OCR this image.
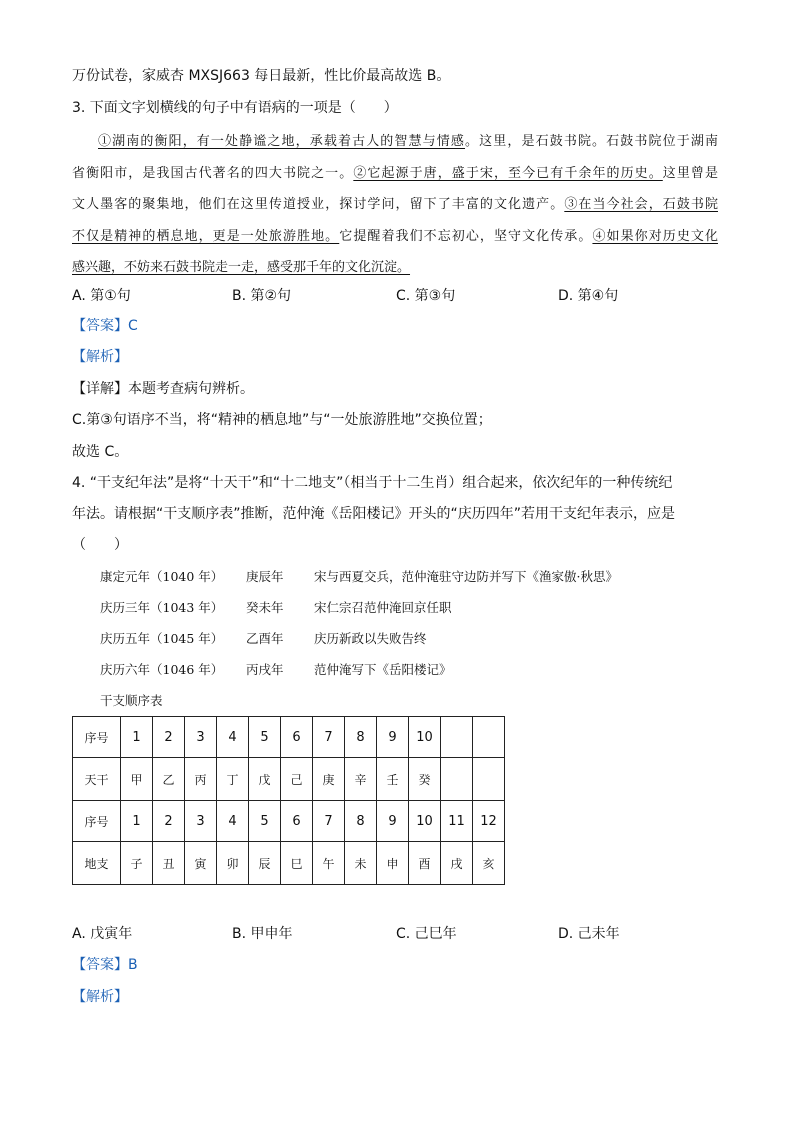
万份试卷，家威杏 MXSJ663 每日最新，性比价最高故选 B。
3. 下面文字划横线的句子中有语病的一项是（　　）
①湖南的衡阳，有一处静谧之地，承载着古人的智慧与情感。这里，是石鼓书院。石鼓书院位于湖南
省衡阳市，是我国古代著名的四大书院之一。②它起源于唐，盛于宋，至今已有千余年的历史。这里曾是
文人墨客的聚集地，他们在这里传道授业，探讨学问，留下了丰富的文化遗产。③在当今社会，石鼓书院
不仅是精神的栖息地，更是一处旅游胜地。它提醒着我们不忘初心，坚守文化传承。④如果你对历史文化
感兴趣，不妨来石鼓书院走一走，感受那千年的文化沉淀。
A. 第①句	B. 第②句	C. 第③句	D. 第④句
【答案】C
【解析】
【详解】本题考查病句辨析。
C.第③句语序不当，将“精神的栖息地”与“一处旅游胜地”交换位置；
故选 C。
4. “干支纪年法”是将“十天干”和“十二地支”（相当于十二生肖）组合起来，依次纪年的一种传统纪
年法。请根据“干支顺序表”推断，范仲淹《岳阳楼记》开头的“庆历四年”若用干支纪年表示，应是
（　　）
康定元年（1040 年） 庚辰年 宋与西夏交兵，范仲淹驻守边防并写下《渔家傲·秋思》
庆历三年（1043 年） 癸未年 宋仁宗召范仲淹回京任职
庆历五年（1045 年） 乙酉年 庆历新政以失败告终
庆历六年（1046 年） 丙戌年 范仲淹写下《岳阳楼记》
干支顺序表
序号	1	2	3	4	5	6	7	8	9	10		
天干	甲	乙	丙	丁	戊	己	庚	辛	壬	癸		
序号	1	2	3	4	5	6	7	8	9	10	11	12
地支	子	丑	寅	卯	辰	巳	午	未	申	酉	戌	亥
A. 戊寅年	B. 甲申年	C. 己巳年	D. 己未年
【答案】B
【解析】
